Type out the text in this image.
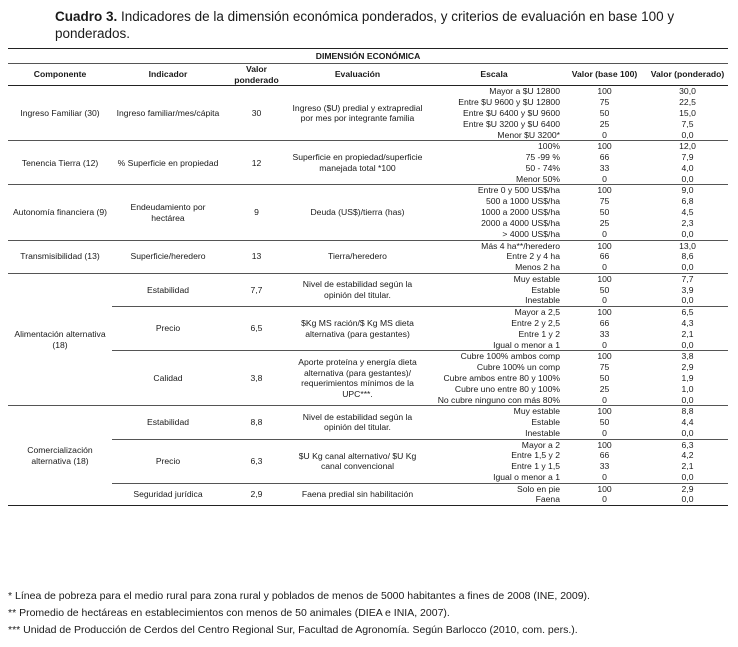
Cuadro 3. Indicadores de la dimensión económica ponderados, y criterios de evaluación en base 100 y ponderados.

DIMENSIÓN ECONÓMICA						
Componente	Indicador	Valor ponderado	Evaluación	Escala	Valor (base 100)	Valor (ponderado)
Ingreso Familiar (30)	Ingreso familiar/mes/cápita	30	Ingreso ($U) predial y extrapredial por mes por integrante familia	Mayor a $U 12800	100	30,0
				Entre $U 9600 y $U 12800	75	22,5
				Entre $U 6400 y $U 9600	50	15,0
				Entre $U 3200 y $U 6400	25	7,5
				Menor $U 3200*	0	0,0
Tenencia Tierra (12)	% Superficie en propiedad	12	Superficie en propiedad/superficie manejada total *100	100%	100	12,0
				75 -99 %	66	7,9
				50 - 74%	33	4,0
				Menor 50%	0	0,0
Autonomía financiera (9)	Endeudamiento por hectárea	9	Deuda (US$)/tierra (has)	Entre 0 y 500 US$/ha	100	9,0
				500 a 1000 US$/ha	75	6,8
				1000 a 2000 US$/ha	50	4,5
				2000 a 4000 US$/ha	25	2,3
				> 4000 US$/ha	0	0,0
Transmisibilidad (13)	Superficie/heredero	13	Tierra/heredero	Más 4 ha**/heredero	100	13,0
				Entre 2 y 4 ha	66	8,6
				Menos 2 ha	0	0,0
Alimentación alternativa (18)	Estabilidad	7,7	Nivel de estabilidad según la opinión del titular.	Muy estable	100	7,7
				Estable	50	3,9
				Inestable	0	0,0
	Precio	6,5	$Kg MS ración/$ Kg MS dieta alternativa (para gestantes)	Mayor a 2,5	100	6,5
				Entre 2 y 2,5	66	4,3
				Entre 1 y 2	33	2,1
				Igual o menor a 1	0	0,0
	Calidad	3,8	Aporte proteína y energía dieta alternativa (para gestantes)/ requerimientos mínimos de la UPC***.	Cubre 100% ambos comp	100	3,8
				Cubre 100% un comp	75	2,9
				Cubre ambos entre 80 y 100%	50	1,9
				Cubre uno entre 80 y 100%	25	1,0
				No cubre ninguno con más 80%	0	0,0
Comercialización alternativa (18)	Estabilidad	8,8	Nivel de estabilidad según la opinión del titular.	Muy estable	100	8,8
				Estable	50	4,4
				Inestable	0	0,0
	Precio	6,3	$U Kg canal alternativo/ $U Kg canal convencional	Mayor a 2	100	6,3
				Entre 1,5 y 2	66	4,2
				Entre 1 y 1,5	33	2,1
				Igual o menor a 1	0	0,0
	Seguridad jurídica	2,9	Faena predial sin habilitación	Solo en pie	100	2,9
				Faena	0	0,0

* Línea de pobreza para el medio rural para zona rural y poblados de menos de 5000 habitantes a fines de 2008 (INE, 2009).

** Promedio de hectáreas en establecimientos con menos de 50 animales (DIEA e INIA, 2007).

*** Unidad de Producción de Cerdos del Centro Regional Sur, Facultad de Agronomía. Según Barlocco (2010, com. pers.).
